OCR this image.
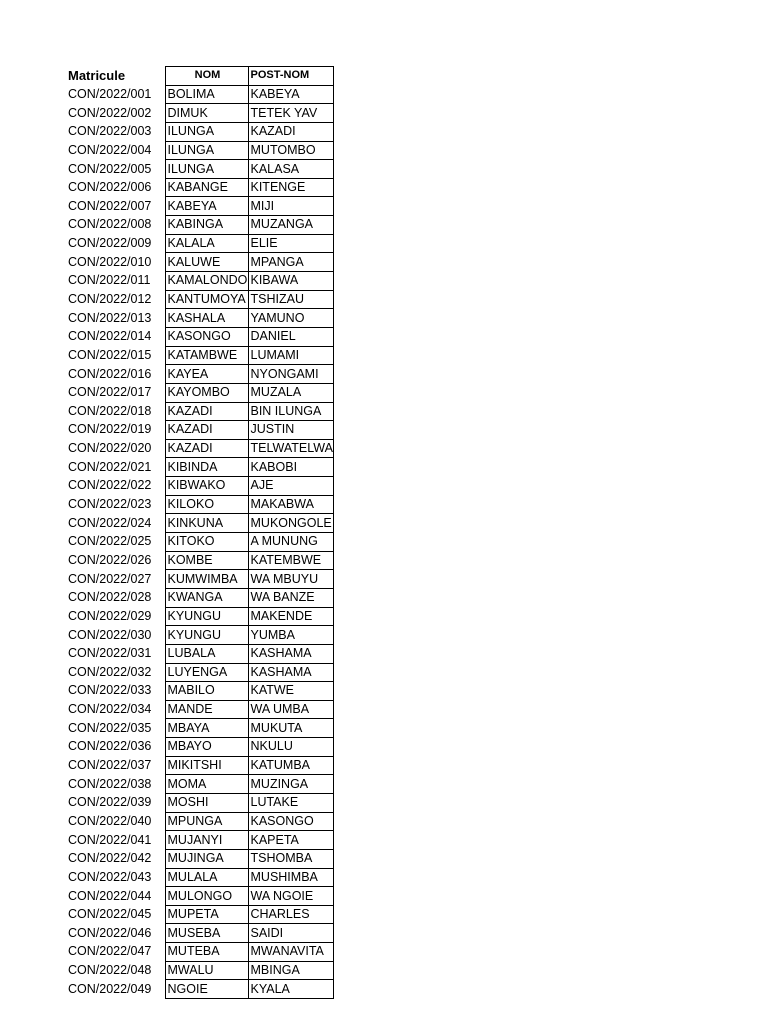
Matricule	NOM	POST-NOM
CON/2022/001	BOLIMA	KABEYA
CON/2022/002	DIMUK	TETEK YAV
CON/2022/003	ILUNGA	KAZADI
CON/2022/004	ILUNGA	MUTOMBO
CON/2022/005	ILUNGA	KALASA
CON/2022/006	KABANGE	KITENGE
CON/2022/007	KABEYA	MIJI
CON/2022/008	KABINGA	MUZANGA
CON/2022/009	KALALA	ELIE
CON/2022/010	KALUWE	MPANGA
CON/2022/011	KAMALONDO	KIBAWA
CON/2022/012	KANTUMOYA	TSHIZAU
CON/2022/013	KASHALA	YAMUNO
CON/2022/014	KASONGO	DANIEL
CON/2022/015	KATAMBWE	LUMAMI
CON/2022/016	KAYEA	NYONGAMI
CON/2022/017	KAYOMBO	MUZALA
CON/2022/018	KAZADI	BIN ILUNGA
CON/2022/019	KAZADI	JUSTIN
CON/2022/020	KAZADI	TELWATELWA
CON/2022/021	KIBINDA	KABOBI
CON/2022/022	KIBWAKO	AJE
CON/2022/023	KILOKO	MAKABWA
CON/2022/024	KINKUNA	MUKONGOLE
CON/2022/025	KITOKO	A MUNUNG
CON/2022/026	KOMBE	KATEMBWE
CON/2022/027	KUMWIMBA	WA MBUYU
CON/2022/028	KWANGA	WA BANZE
CON/2022/029	KYUNGU	MAKENDE
CON/2022/030	KYUNGU	YUMBA
CON/2022/031	LUBALA	KASHAMA
CON/2022/032	LUYENGA	KASHAMA
CON/2022/033	MABILO	KATWE
CON/2022/034	MANDE	WA UMBA
CON/2022/035	MBAYA	MUKUTA
CON/2022/036	MBAYO	NKULU
CON/2022/037	MIKITSHI	KATUMBA
CON/2022/038	MOMA	MUZINGA
CON/2022/039	MOSHI	LUTAKE
CON/2022/040	MPUNGA	KASONGO
CON/2022/041	MUJANYI	KAPETA
CON/2022/042	MUJINGA	TSHOMBA
CON/2022/043	MULALA	MUSHIMBA
CON/2022/044	MULONGO	WA NGOIE
CON/2022/045	MUPETA	CHARLES
CON/2022/046	MUSEBA	SAIDI
CON/2022/047	MUTEBA	MWANAVITA
CON/2022/048	MWALU	MBINGA
CON/2022/049	NGOIE	KYALA
